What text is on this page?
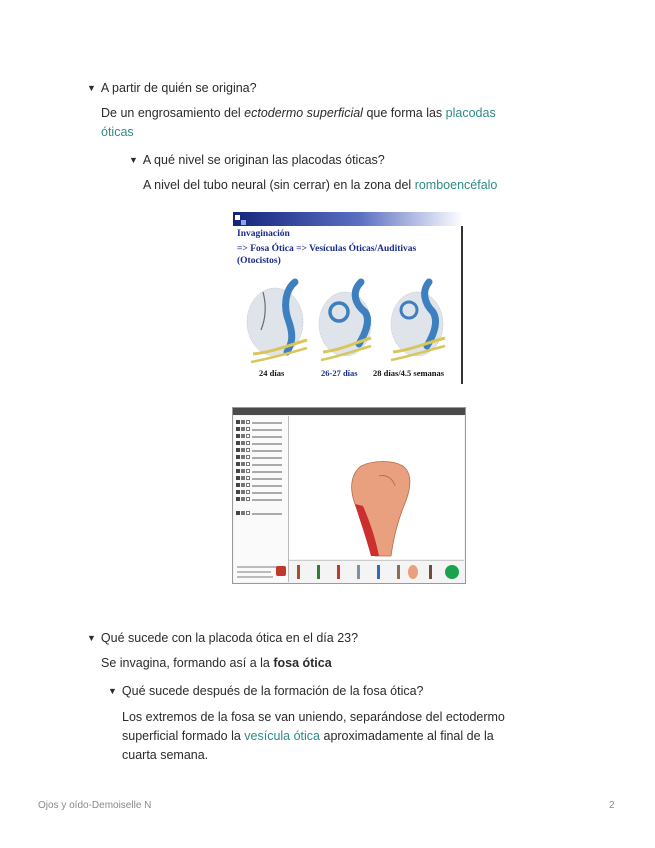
▼ A partir de quién se origina?
De un engrosamiento del ectodermo superficial que forma las placodas
óticas
▼ A qué nivel se originan las placodas óticas?
A nivel del tubo neural (sin cerrar) en la zona del romboencéfalo
Invaginación
=> Fosa Ótica => Vesículas Óticas/Auditivas
(Otocistos)
24 días	26-27 días 28 días/4.5 semanas
▼ Qué sucede con la placoda ótica en el día 23?
Se invagina, formando así a la fosa ótica
▼ Qué sucede después de la formación de la fosa ótica?
Los extremos de la fosa se van uniendo, separándose del ectodermo
superficial formado la vesícula ótica aproximadamente al final de la
cuarta semana.
Ojos y oído-Demoiselle N	2
